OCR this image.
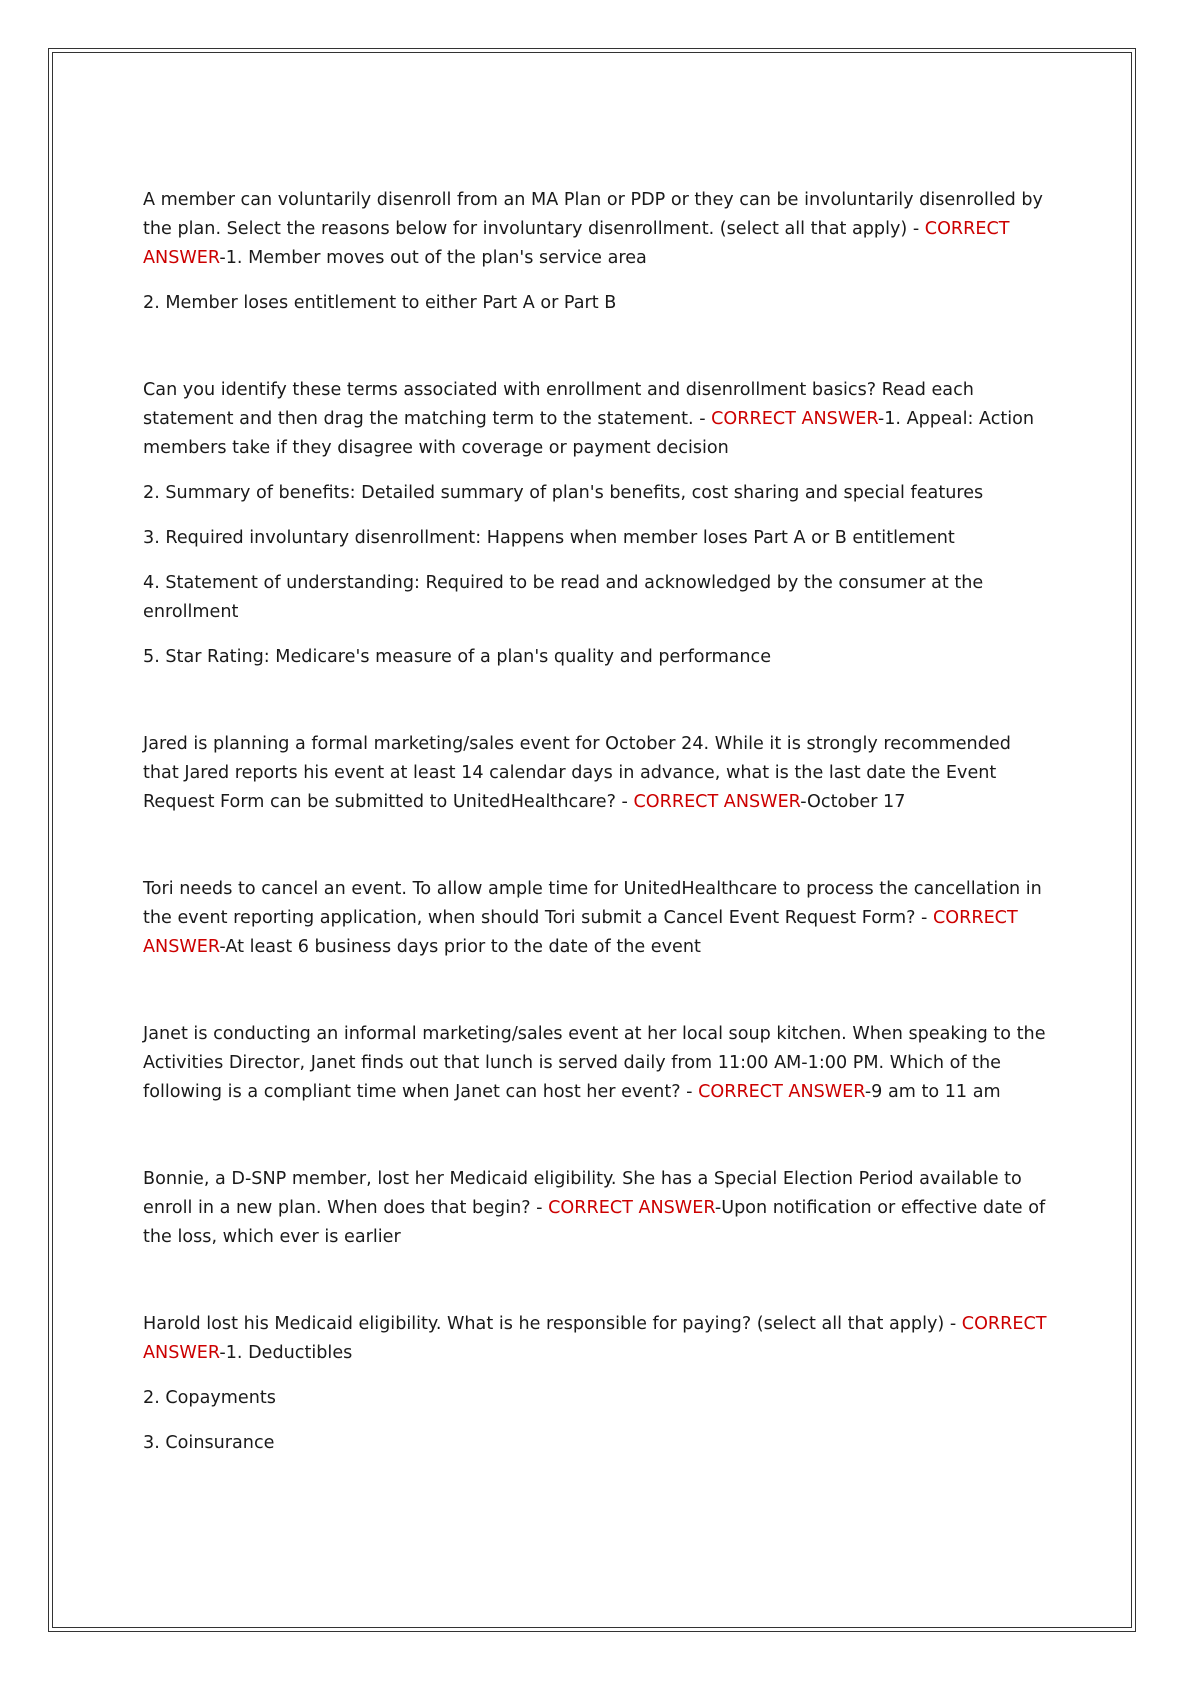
A member can voluntarily disenroll from an MA Plan or PDP or they can be involuntarily disenrolled by the plan. Select the reasons below for involuntary disenrollment. (select all that apply) - CORRECT ANSWER-1. Member moves out of the plan's service area

2. Member loses entitlement to either Part A or Part B

Can you identify these terms associated with enrollment and disenrollment basics? Read each statement and then drag the matching term to the statement. - CORRECT ANSWER-1. Appeal: Action members take if they disagree with coverage or payment decision

2. Summary of benefits: Detailed summary of plan's benefits, cost sharing and special features

3. Required involuntary disenrollment: Happens when member loses Part A or B entitlement

4. Statement of understanding: Required to be read and acknowledged by the consumer at the enrollment

5. Star Rating: Medicare's measure of a plan's quality and performance

Jared is planning a formal marketing/sales event for October 24. While it is strongly recommended that Jared reports his event at least 14 calendar days in advance, what is the last date the Event Request Form can be submitted to UnitedHealthcare? - CORRECT ANSWER-October 17

Tori needs to cancel an event. To allow ample time for UnitedHealthcare to process the cancellation in the event reporting application, when should Tori submit a Cancel Event Request Form? - CORRECT ANSWER-At least 6 business days prior to the date of the event

Janet is conducting an informal marketing/sales event at her local soup kitchen. When speaking to the Activities Director, Janet finds out that lunch is served daily from 11:00 AM-1:00 PM. Which of the following is a compliant time when Janet can host her event? - CORRECT ANSWER-9 am to 11 am

Bonnie, a D-SNP member, lost her Medicaid eligibility. She has a Special Election Period available to enroll in a new plan. When does that begin? - CORRECT ANSWER-Upon notification or effective date of the loss, which ever is earlier

Harold lost his Medicaid eligibility. What is he responsible for paying? (select all that apply) - CORRECT ANSWER-1. Deductibles

2. Copayments

3. Coinsurance
